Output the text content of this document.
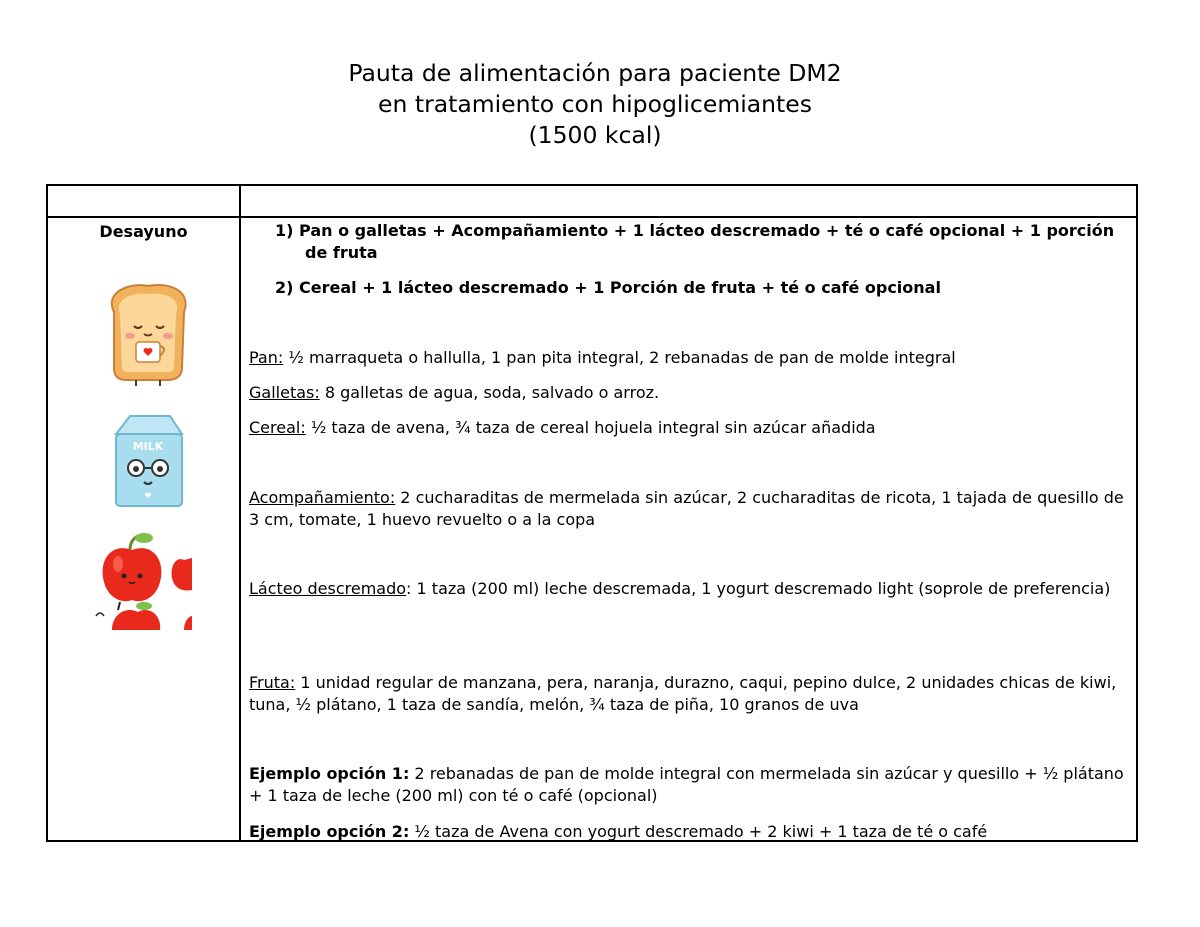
Pauta de alimentación para paciente DM2
en tratamiento con hipoglicemiantes
(1500 kcal)
Desayuno
MILK
1) Pan o galletas + Acompañamiento + 1 lácteo descremado + té o café opcional + 1 porción de fruta
2) Cereal + 1 lácteo descremado + 1 Porción de fruta + té o café opcional
Pan: ½ marraqueta o hallulla, 1 pan pita integral, 2 rebanadas de pan de molde integral
Galletas: 8 galletas de agua, soda, salvado o arroz.
Cereal: ½ taza de avena, ¾ taza de cereal hojuela integral sin azúcar añadida
Acompañamiento: 2 cucharaditas de mermelada sin azúcar, 2 cucharaditas de ricota, 1 tajada de quesillo de 3 cm, tomate, 1 huevo revuelto o a la copa
Lácteo descremado: 1 taza (200 ml) leche descremada, 1 yogurt descremado light (soprole de preferencia)
Fruta: 1 unidad regular de manzana, pera, naranja, durazno, caqui, pepino dulce, 2 unidades chicas de kiwi, tuna, ½ plátano, 1 taza de sandía, melón, ¾ taza de piña, 10 granos de uva
Ejemplo opción 1: 2 rebanadas de pan de molde integral con mermelada sin azúcar y quesillo + ½ plátano + 1 taza de leche (200 ml) con té o café (opcional)
Ejemplo opción 2: ½ taza de Avena con yogurt descremado + 2 kiwi + 1 taza de té o café
